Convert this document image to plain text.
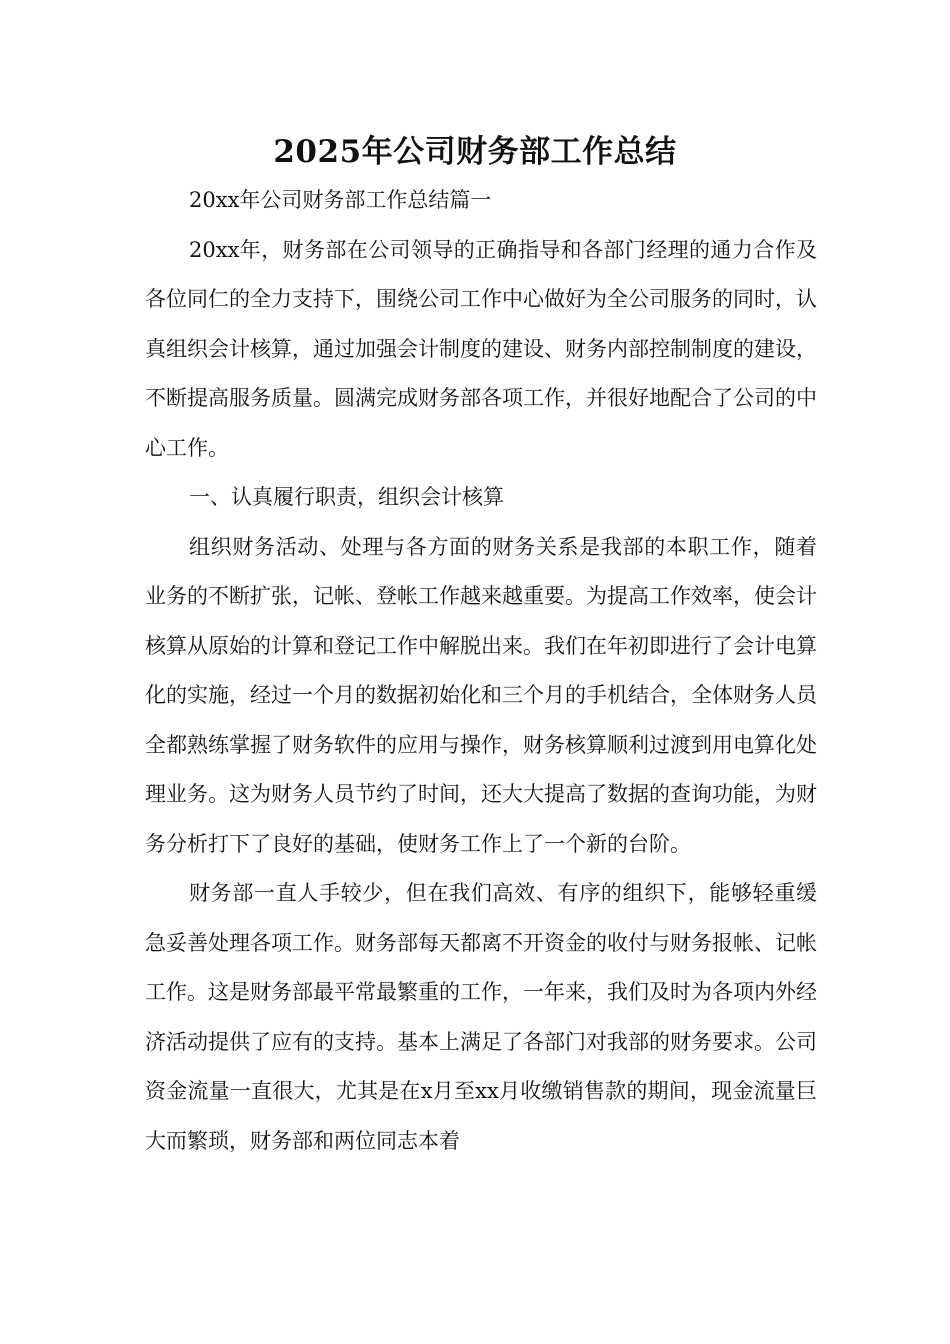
2025年公司财务部工作总结

20xx年公司财务部工作总结篇一

20xx年，财务部在公司领导的正确指导和各部门经理的通力合作及各位同仁的全力支持下，围绕公司工作中心做好为全公司服务的同时，认真组织会计核算，通过加强会计制度的建设、财务内部控制制度的建设，不断提高服务质量。圆满完成财务部各项工作，并很好地配合了公司的中心工作。

一、认真履行职责，组织会计核算

组织财务活动、处理与各方面的财务关系是我部的本职工作，随着业务的不断扩张，记帐、登帐工作越来越重要。为提高工作效率，使会计核算从原始的计算和登记工作中解脱出来。我们在年初即进行了会计电算化的实施，经过一个月的数据初始化和三个月的手机结合，全体财务人员全都熟练掌握了财务软件的应用与操作，财务核算顺利过渡到用电算化处理业务。这为财务人员节约了时间，还大大提高了数据的查询功能，为财务分析打下了良好的基础，使财务工作上了一个新的台阶。

财务部一直人手较少，但在我们高效、有序的组织下，能够轻重缓急妥善处理各项工作。财务部每天都离不开资金的收付与财务报帐、记帐工作。这是财务部最平常最繁重的工作，一年来，我们及时为各项内外经济活动提供了应有的支持。基本上满足了各部门对我部的财务要求。公司资金流量一直很大，尤其是在x月至xx月收缴销售款的期间，现金流量巨大而繁琐，财务部和两位同志本着
